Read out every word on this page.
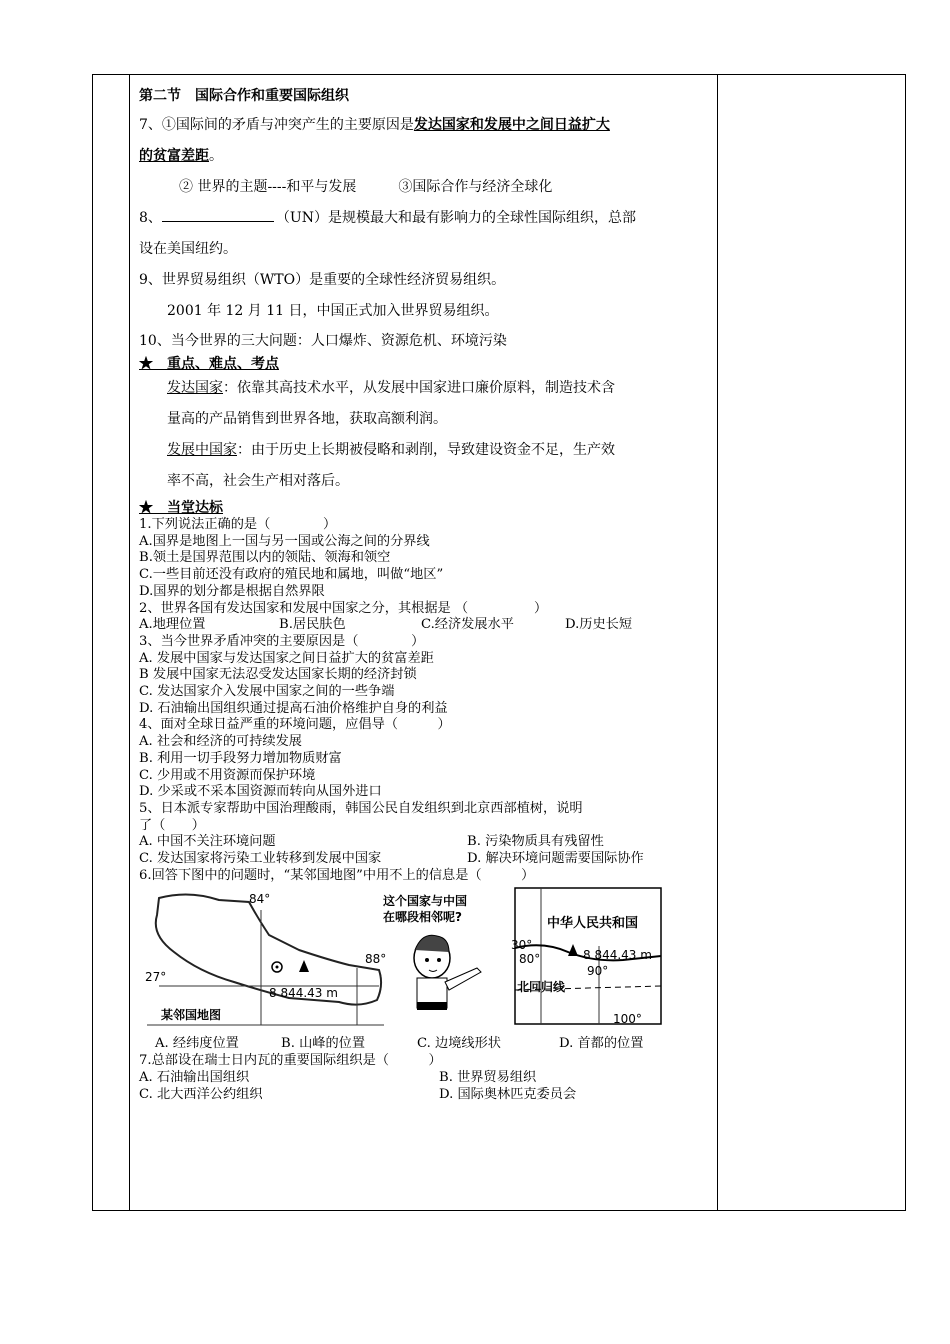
第二节　国际合作和重要国际组织

7、①国际间的矛盾与冲突产生的主要原因是发达国家和发展中之间日益扩大

的贫富差距。

② 世界的主题----和平与发展　　　③国际合作与经济全球化

8、	（UN）是规模最大和最有影响力的全球性国际组织，总部

设在美国纽约。

9、世界贸易组织（WTO）是重要的全球性经济贸易组织。

2001 年 12 月 11 日，中国正式加入世界贸易组织。

10、当今世界的三大问题：人口爆炸、资源危机、环境污染

★　重点、难点、考点

发达国家：依靠其高技术水平，从发展中国家进口廉价原料，制造技术含

量高的产品销售到世界各地，获取高额利润。

发展中国家：由于历史上长期被侵略和剥削，导致建设资金不足，生产效

率不高，社会生产相对落后。

★　当堂达标

1.下列说法正确的是（　　　　）

A.国界是地图上一国与另一国或公海之间的分界线

B.领土是国界范围以内的领陆、领海和领空

C.一些目前还没有政府的殖民地和属地，叫做“地区”

D.国界的划分都是根据自然界限

2、世界各国有发达国家和发展中国家之分，其根据是 （　　　　　）

A.地理位置	B.居民肤色	C.经济发展水平	D.历史长短

3、当今世界矛盾冲突的主要原因是（　　　　）

A. 发展中国家与发达国家之间日益扩大的贫富差距

B 发展中国家无法忍受发达国家长期的经济封锁

C. 发达国家介入发展中国家之间的一些争端

D. 石油输出国组织通过提高石油价格维护自身的利益

4、面对全球日益严重的环境问题，应倡导（　　　）

A. 社会和经济的可持续发展

B. 利用一切手段努力增加物质财富

C. 少用或不用资源而保护环境

D. 少采或不采本国资源而转向从国外进口

5、日本派专家帮助中国治理酸雨，韩国公民自发组织到北京西部植树，说明

了（　　）

A. 中国不关注环境问题	B. 污染物质具有残留性

C. 发达国家将污染工业转移到发展中国家	D. 解决环境问题需要国际协作

6.回答下图中的问题时，“某邻国地图”中用不上的信息是（　　　）

84°
88°
27°
8 844.43 m
某邻国地图
这个国家与中国
在哪段相邻呢?	中华人民共和国
30°
80°
90°
8 844.43 m
北回归线
100°

A. 经纬度位置	B. 山峰的位置	C. 边境线形状	D. 首都的位置

7.总部设在瑞士日内瓦的重要国际组织是（　　　）

A. 石油输出国组织	B. 世界贸易组织

C. 北大西洋公约组织	D. 国际奥林匹克委员会
